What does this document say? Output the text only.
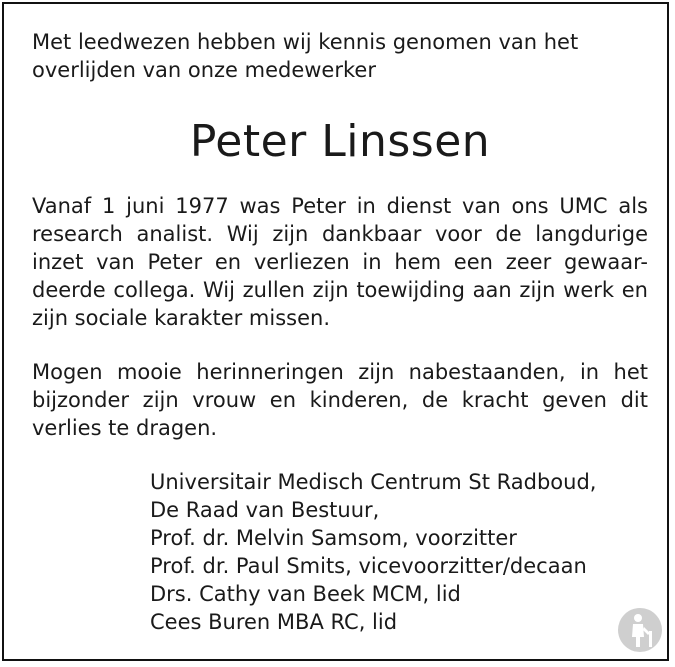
Met leedwezen hebben wij kennis genomen van het
overlijden van onze medewerker
Peter Linssen
Vanaf 1 juni 1977 was Peter in dienst van ons UMC als research analist. Wij zijn dankbaar voor de langdurige inzet van Peter en verliezen in hem een zeer gewaar-deerde collega. Wij zullen zijn toewijding aan zijn werk en zijn sociale karakter missen.
Mogen mooie herinneringen zijn nabestaanden, in het bijzonder zijn vrouw en kinderen, de kracht geven dit verlies te dragen.
Universitair Medisch Centrum St Radboud,
De Raad van Bestuur,
Prof. dr. Melvin Samsom, voorzitter
Prof. dr. Paul Smits, vicevoorzitter/decaan
Drs. Cathy van Beek MCM, lid
Cees Buren MBA RC, lid
